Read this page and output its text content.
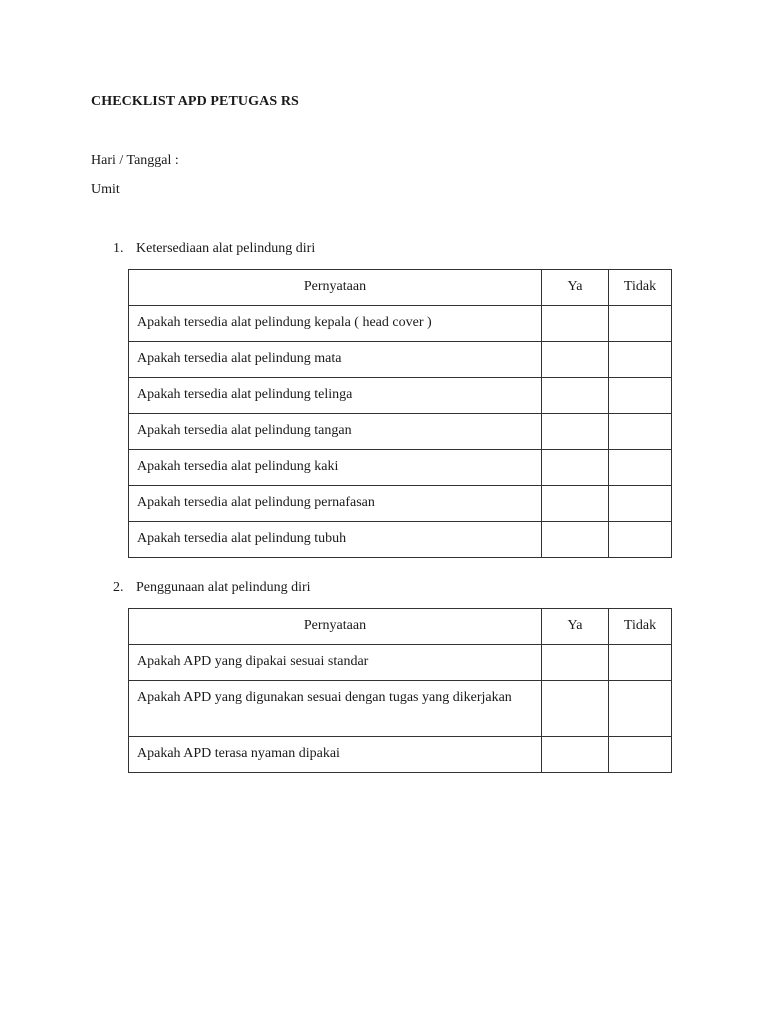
CHECKLIST APD PETUGAS RS
Hari / Tanggal :
Umit
1. Ketersediaan alat pelindung diri
Pernyataan	Ya	Tidak
Apakah tersedia alat pelindung kepala ( head cover )		
Apakah tersedia alat pelindung mata		
Apakah tersedia alat pelindung telinga		
Apakah tersedia alat pelindung tangan		
Apakah tersedia alat pelindung kaki		
Apakah tersedia alat pelindung pernafasan		
Apakah tersedia alat pelindung tubuh		
2. Penggunaan alat pelindung diri
Pernyataan	Ya	Tidak
Apakah APD yang dipakai sesuai standar		
Apakah APD yang digunakan sesuai dengan tugas yang dikerjakan		
Apakah APD terasa nyaman dipakai		
